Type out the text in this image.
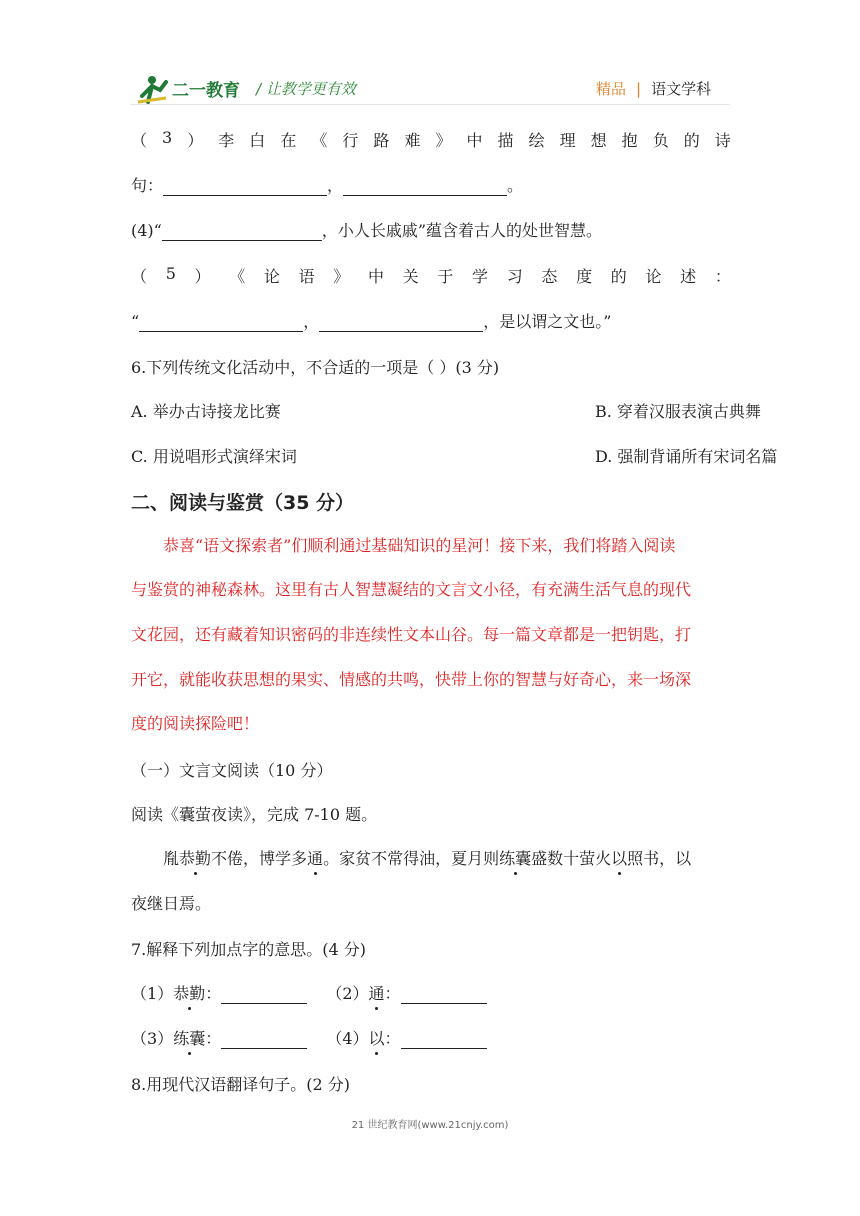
二一教育 / 让教学更有效	精品 | 语文学科
（ 3 ） 李 白 在 《 行 路 难 》 中 描 绘 理 想 抱 负 的 诗
句：	，	。
(4)“	，小人长戚戚”蕴含着古人的处世智慧。
（ 5 ） 《 论 语 》 中 关 于 学 习 态 度 的 论 述 ：
“	，	，是以谓之文也。”
6.下列传统文化活动中，不合适的一项是（ ）(3 分)
A. 举办古诗接龙比赛	B. 穿着汉服表演古典舞
C. 用说唱形式演绎宋词	D. 强制背诵所有宋词名篇
二、阅读与鉴赏（35 分）
恭喜“语文探索者”们顺利通过基础知识的星河！接下来，我们将踏入阅读
与鉴赏的神秘森林。这里有古人智慧凝结的文言文小径，有充满生活气息的现代
文花园，还有藏着知识密码的非连续性文本山谷。每一篇文章都是一把钥匙，打
开它，就能收获思想的果实、情感的共鸣，快带上你的智慧与好奇心，来一场深
度的阅读探险吧！
（一）文言文阅读（10 分）
阅读《囊萤夜读》，完成 7-10 题。
胤恭勤不倦，博学多通。家贫不常得油，夏月则练囊盛数十萤火以照书，以
夜继日焉。
7.解释下列加点字的意思。(4 分)
（1）恭勤：	（2）通：
（3）练囊：	（4）以：
8.用现代汉语翻译句子。(2 分)
21 世纪教育网(www.21cnjy.com)
